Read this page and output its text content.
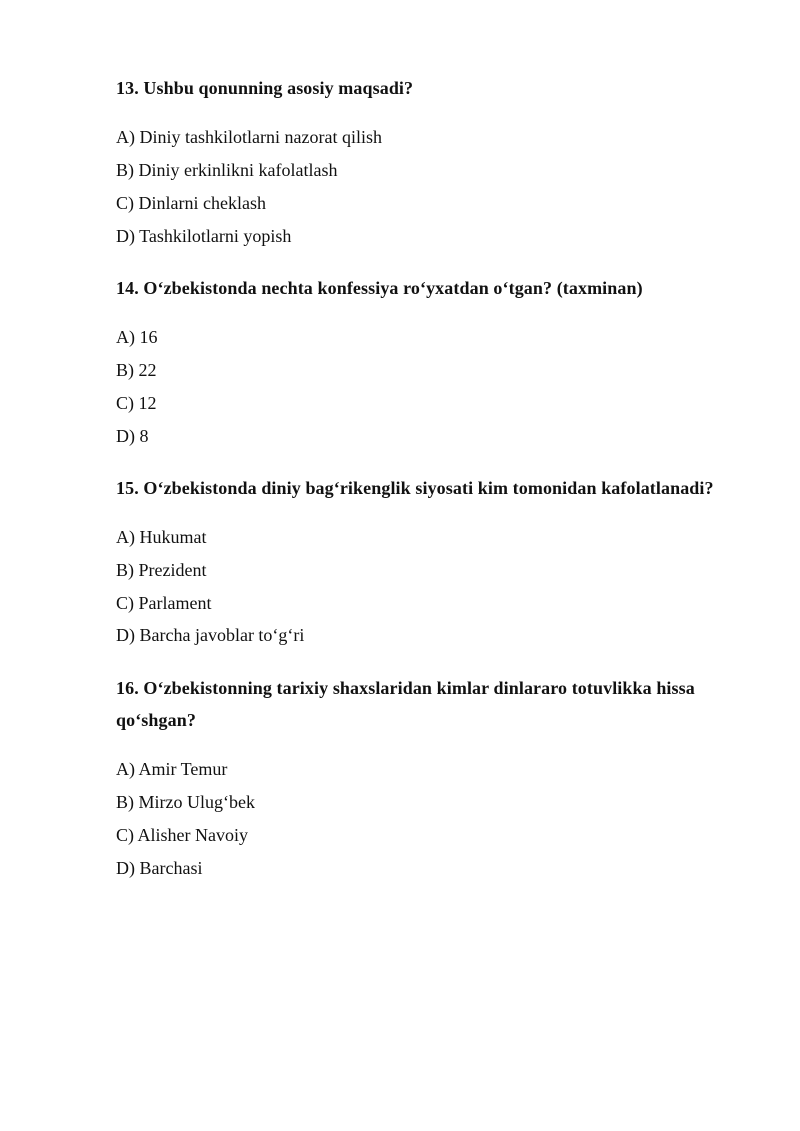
13. Ushbu qonunning asosiy maqsadi?
A) Diniy tashkilotlarni nazorat qilish
B) Diniy erkinlikni kafolatlash
C) Dinlarni cheklash
D) Tashkilotlarni yopish
14. O‘zbekistonda nechta konfessiya ro‘yxatdan o‘tgan? (taxminan)
A) 16
B) 22
C) 12
D) 8
15. O‘zbekistonda diniy bag‘rikenglik siyosati kim tomonidan kafolatlanadi?
A) Hukumat
B) Prezident
C) Parlament
D) Barcha javoblar to‘g‘ri
16. O‘zbekistonning tarixiy shaxslaridan kimlar dinlararo totuvlikka hissa qo‘shgan?
A) Amir Temur
B) Mirzo Ulug‘bek
C) Alisher Navoiy
D) Barchasi
